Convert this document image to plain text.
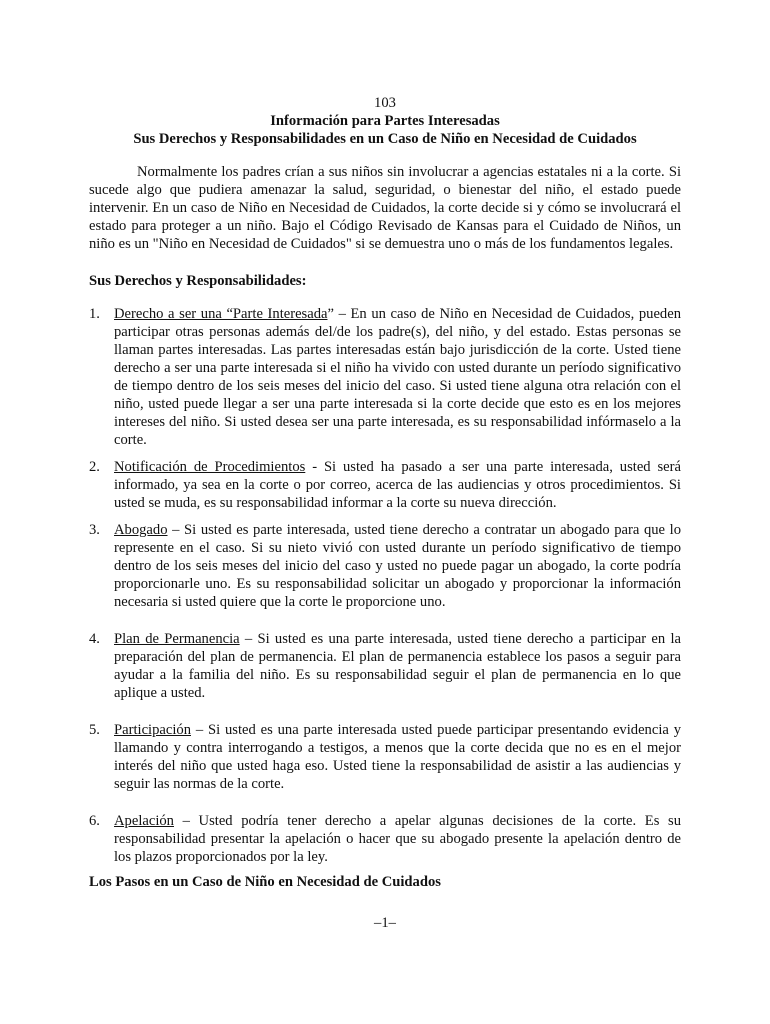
103
Información para Partes Interesadas
Sus Derechos y Responsabilidades en un Caso de Niño en Necesidad de Cuidados

Normalmente los padres crían a sus niños sin involucrar a agencias estatales ni a la corte. Si sucede algo que pudiera amenazar la salud, seguridad, o bienestar del niño, el estado puede intervenir. En un caso de Niño en Necesidad de Cuidados, la corte decide si y cómo se involucrará el estado para proteger a un niño. Bajo el Código Revisado de Kansas para el Cuidado de Niños, un niño es un "Niño en Necesidad de Cuidados" si se demuestra uno o más de los fundamentos legales.

Sus Derechos y Responsabilidades:

1. Derecho a ser una “Parte Interesada” – En un caso de Niño en Necesidad de Cuidados, pueden participar otras personas además del/de los padre(s), del niño, y del estado. Estas personas se llaman partes interesadas. Las partes interesadas están bajo jurisdicción de la corte. Usted tiene derecho a ser una parte interesada si el niño ha vivido con usted durante un período significativo de tiempo dentro de los seis meses del inicio del caso. Si usted tiene alguna otra relación con el niño, usted puede llegar a ser una parte interesada si la corte decide que esto es en los mejores intereses del niño. Si usted desea ser una parte interesada, es su responsabilidad infórmaselo a la corte.
2. Notificación de Procedimientos - Si usted ha pasado a ser una parte interesada, usted será informado, ya sea en la corte o por correo, acerca de las audiencias y otros procedimientos. Si usted se muda, es su responsabilidad informar a la corte su nueva dirección.
3. Abogado – Si usted es parte interesada, usted tiene derecho a contratar un abogado para que lo represente en el caso. Si su nieto vivió con usted durante un período significativo de tiempo dentro de los seis meses del inicio del caso y usted no puede pagar un abogado, la corte podría proporcionarle uno. Es su responsabilidad solicitar un abogado y proporcionar la información necesaria si usted quiere que la corte le proporcione uno.
4. Plan de Permanencia – Si usted es una parte interesada, usted tiene derecho a participar en la preparación del plan de permanencia. El plan de permanencia establece los pasos a seguir para ayudar a la familia del niño. Es su responsabilidad seguir el plan de permanencia en lo que aplique a usted.
5. Participación – Si usted es una parte interesada usted puede participar presentando evidencia y llamando y contra interrogando a testigos, a menos que la corte decida que no es en el mejor interés del niño que usted haga eso. Usted tiene la responsabilidad de asistir a las audiencias y seguir las normas de la corte.
6. Apelación – Usted podría tener derecho a apelar algunas decisiones de la corte. Es su responsabilidad presentar la apelación o hacer que su abogado presente la apelación dentro de los plazos proporcionados por la ley.

Los Pasos en un Caso de Niño en Necesidad de Cuidados

–1–
